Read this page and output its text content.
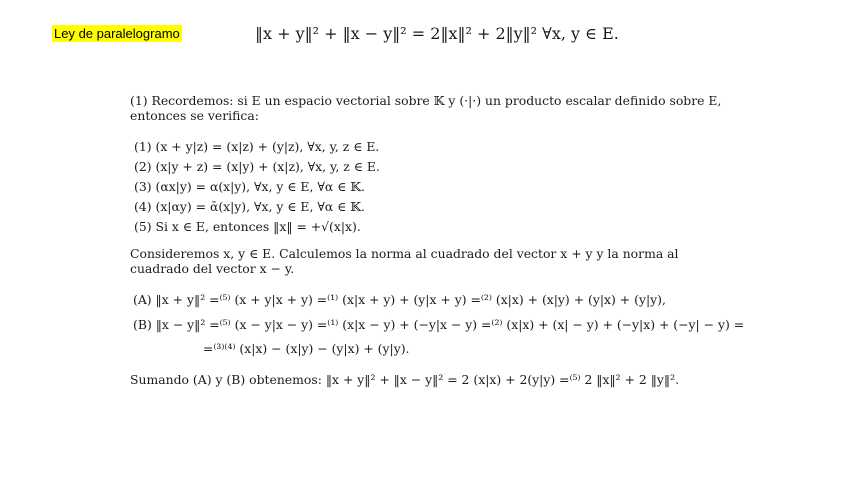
Ley de paralelogramo	‖x + y‖² + ‖x − y‖² = 2‖x‖² + 2‖y‖² ∀x, y ∈ E.
(1) Recordemos: si E un espacio vectorial sobre 𝕂 y (·|·) un producto escalar definido sobre E, entonces se verifica:
(1) (x + y|z) = (x|z) + (y|z), ∀x, y, z ∈ E.
(2) (x|y + z) = (x|y) + (x|z), ∀x, y, z ∈ E.
(3) (αx|y) = α(x|y), ∀x, y ∈ E, ∀α ∈ 𝕂.
(4) (x|αy) = ᾱ(x|y), ∀x, y ∈ E, ∀α ∈ 𝕂.
(5) Si x ∈ E, entonces ‖x‖ = +√(x|x).
Consideremos x, y ∈ E. Calculemos la norma al cuadrado del vector x + y y la norma al cuadrado del vector x − y.
(A) ‖x + y‖² =⁽⁵⁾ (x + y|x + y) =⁽¹⁾ (x|x + y) + (y|x + y) =⁽²⁾ (x|x) + (x|y) + (y|x) + (y|y),
(B) ‖x − y‖² =⁽⁵⁾ (x − y|x − y) =⁽¹⁾ (x|x − y) + (−y|x − y) =⁽²⁾ (x|x) + (x| − y) + (−y|x) + (−y| − y) =
=⁽³⁾⁽⁴⁾ (x|x) − (x|y) − (y|x) + (y|y).
Sumando (A) y (B) obtenemos: ‖x + y‖² + ‖x − y‖² = 2 (x|x) + 2(y|y) =⁽⁵⁾ 2 ‖x‖² + 2 ‖y‖².
